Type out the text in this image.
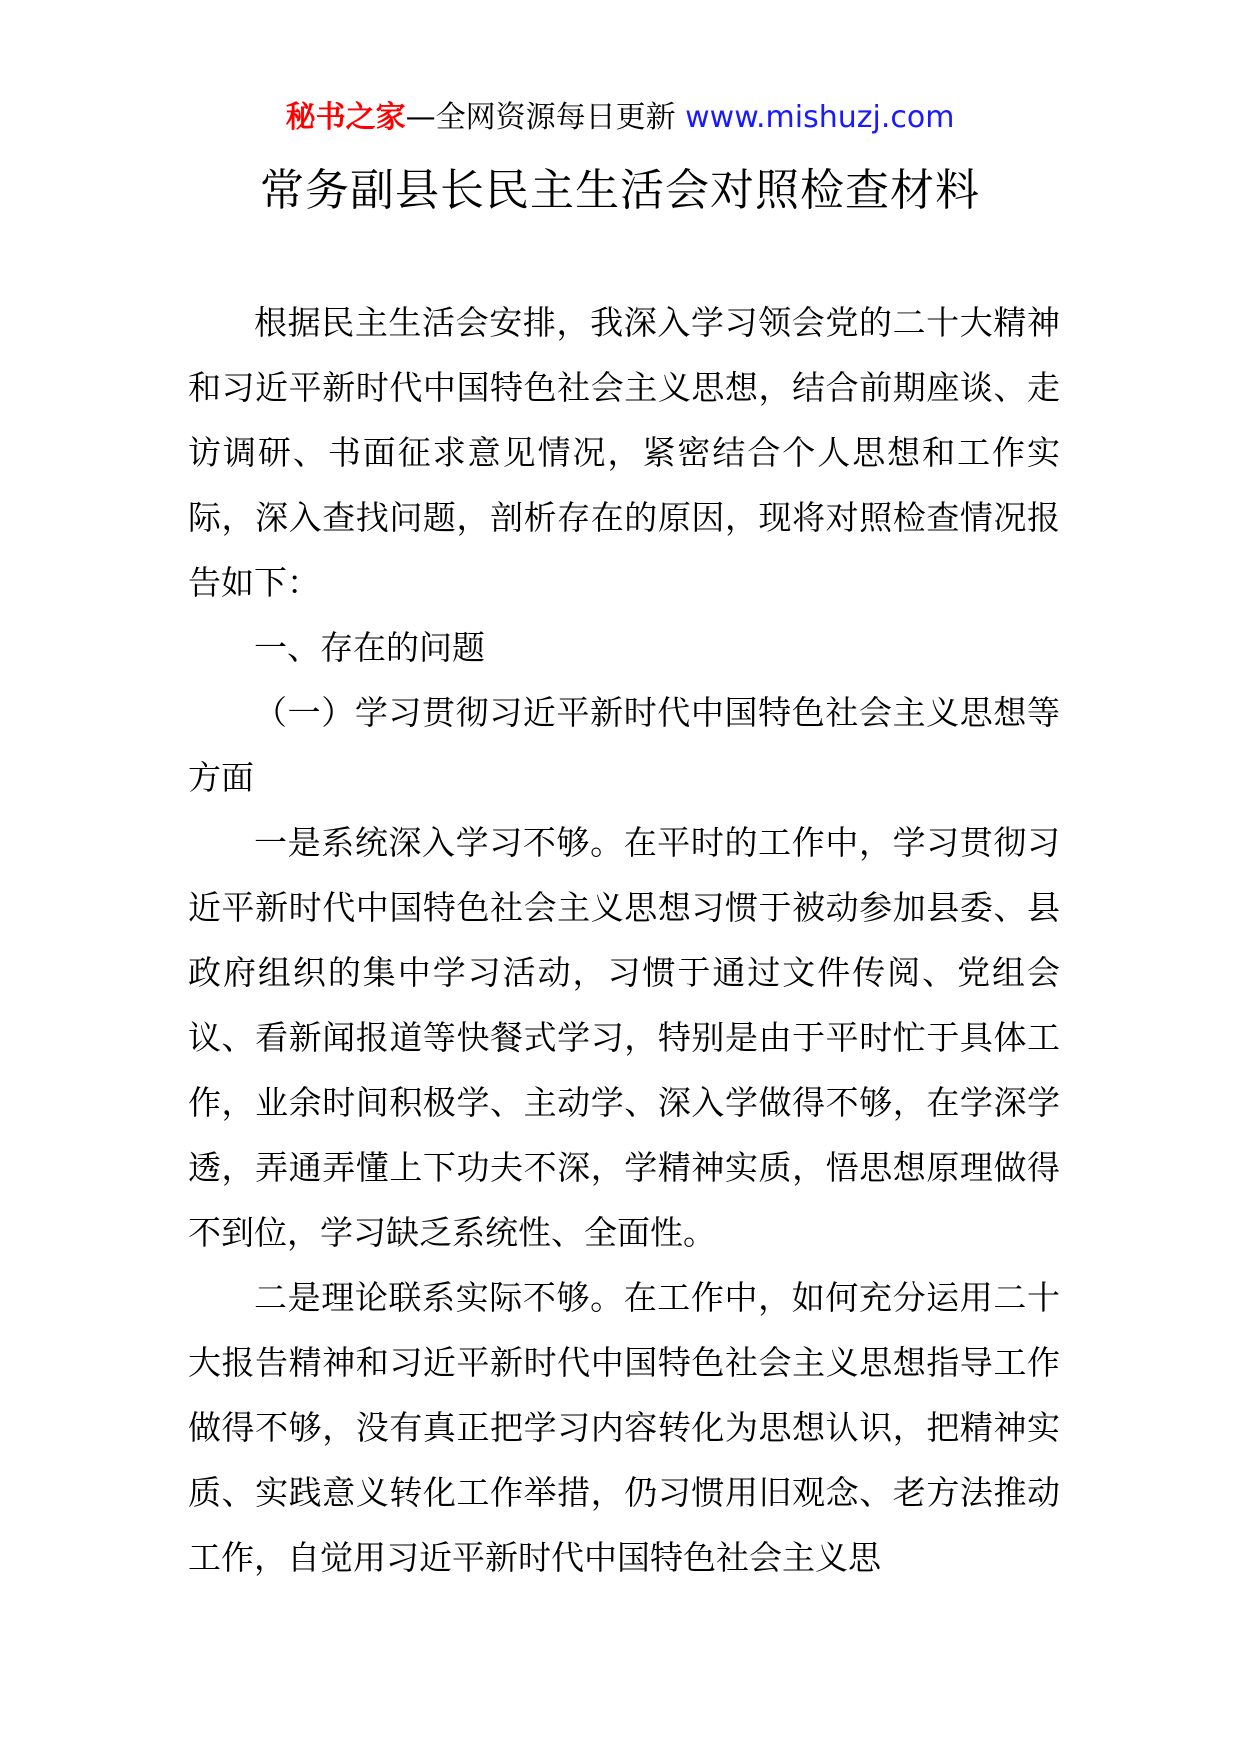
秘书之家—全网资源每日更新 www.mishuzj.com
常务副县长民主生活会对照检查材料

根据民主生活会安排，我深入学习领会党的二十大精神和习近平新时代中国特色社会主义思想，结合前期座谈、走访调研、书面征求意见情况，紧密结合个人思想和工作实际，深入查找问题，剖析存在的原因，现将对照检查情况报告如下：

一、存在的问题

（一）学习贯彻习近平新时代中国特色社会主义思想等方面

一是系统深入学习不够。在平时的工作中，学习贯彻习近平新时代中国特色社会主义思想习惯于被动参加县委、县政府组织的集中学习活动，习惯于通过文件传阅、党组会议、看新闻报道等快餐式学习，特别是由于平时忙于具体工作，业余时间积极学、主动学、深入学做得不够，在学深学透，弄通弄懂上下功夫不深，学精神实质，悟思想原理做得不到位，学习缺乏系统性、全面性。

二是理论联系实际不够。在工作中，如何充分运用二十大报告精神和习近平新时代中国特色社会主义思想指导工作做得不够，没有真正把学习内容转化为思想认识，把精神实质、实践意义转化工作举措，仍习惯用旧观念、老方法推动工作，自觉用习近平新时代中国特色社会主义思
